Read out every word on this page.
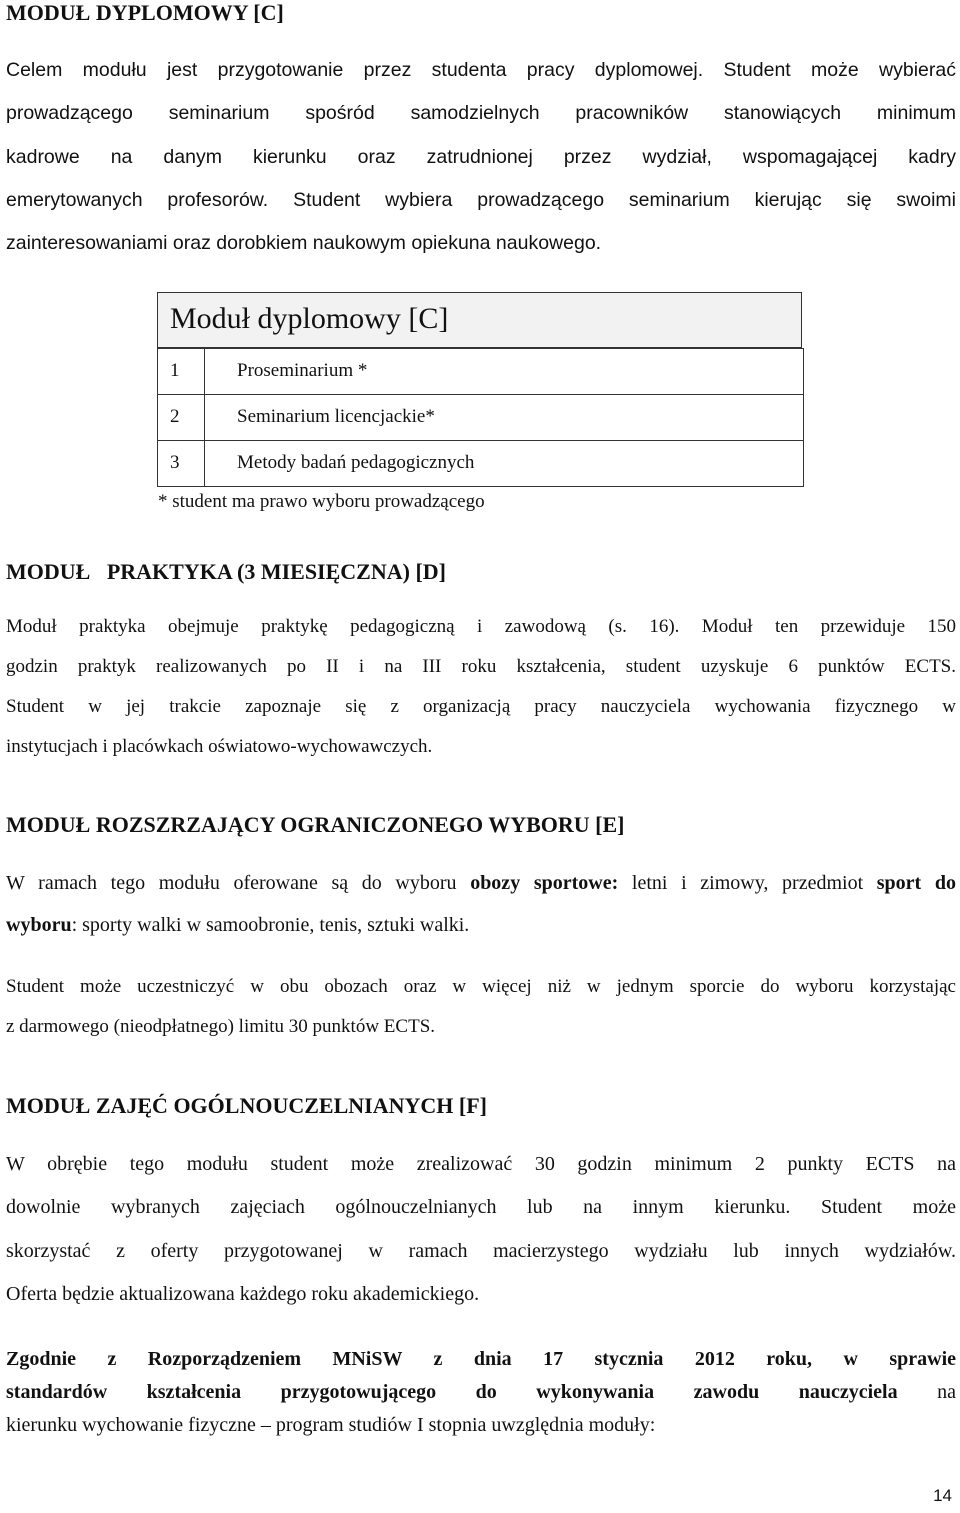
MODUŁ DYPLOMOWY [C]
Celem modułu jest przygotowanie przez studenta pracy dyplomowej. Student może wybierać
prowadzącego seminarium spośród samodzielnych pracowników stanowiących minimum
kadrowe na danym kierunku oraz zatrudnionej przez wydział, wspomagającej kadry
emerytowanych profesorów. Student wybiera prowadzącego seminarium kierując się swoimi
zainteresowaniami oraz dorobkiem naukowym opiekuna naukowego.
Moduł dyplomowy [C]
1	Proseminarium *
2	Seminarium licencjackie*
3	Metody badań pedagogicznych
* student ma prawo wyboru prowadzącego
MODUŁ   PRAKTYKA (3 MIESIĘCZNA) [D]
Moduł praktyka obejmuje praktykę pedagogiczną i zawodową (s. 16). Moduł ten przewiduje 150
godzin praktyk realizowanych po II i na III roku kształcenia, student uzyskuje 6 punktów ECTS.
Student w jej trakcie zapoznaje się z organizacją pracy nauczyciela wychowania fizycznego w
instytucjach i placówkach oświatowo-wychowawczych.
MODUŁ ROZSZRZAJĄCY OGRANICZONEGO WYBORU [E]
W ramach tego modułu oferowane są do wyboru obozy sportowe: letni i zimowy, przedmiot sport do
wyboru: sporty walki w samoobronie, tenis, sztuki walki.
Student może uczestniczyć w obu obozach oraz w więcej niż w jednym sporcie do wyboru korzystając
z darmowego (nieodpłatnego) limitu 30 punktów ECTS.
MODUŁ ZAJĘĆ OGÓLNOUCZELNIANYCH [F]
W obrębie tego modułu student może zrealizować 30 godzin minimum 2 punkty ECTS na
dowolnie wybranych zajęciach ogólnouczelnianych lub na innym kierunku. Student może
skorzystać z oferty przygotowanej w ramach macierzystego wydziału lub innych wydziałów.
Oferta będzie aktualizowana każdego roku akademickiego.
Zgodnie z Rozporządzeniem MNiSW z dnia 17 stycznia 2012 roku, w sprawie
standardów kształcenia przygotowującego do wykonywania zawodu nauczyciela na
kierunku wychowanie fizyczne – program studiów I stopnia uwzględnia moduły:
14
